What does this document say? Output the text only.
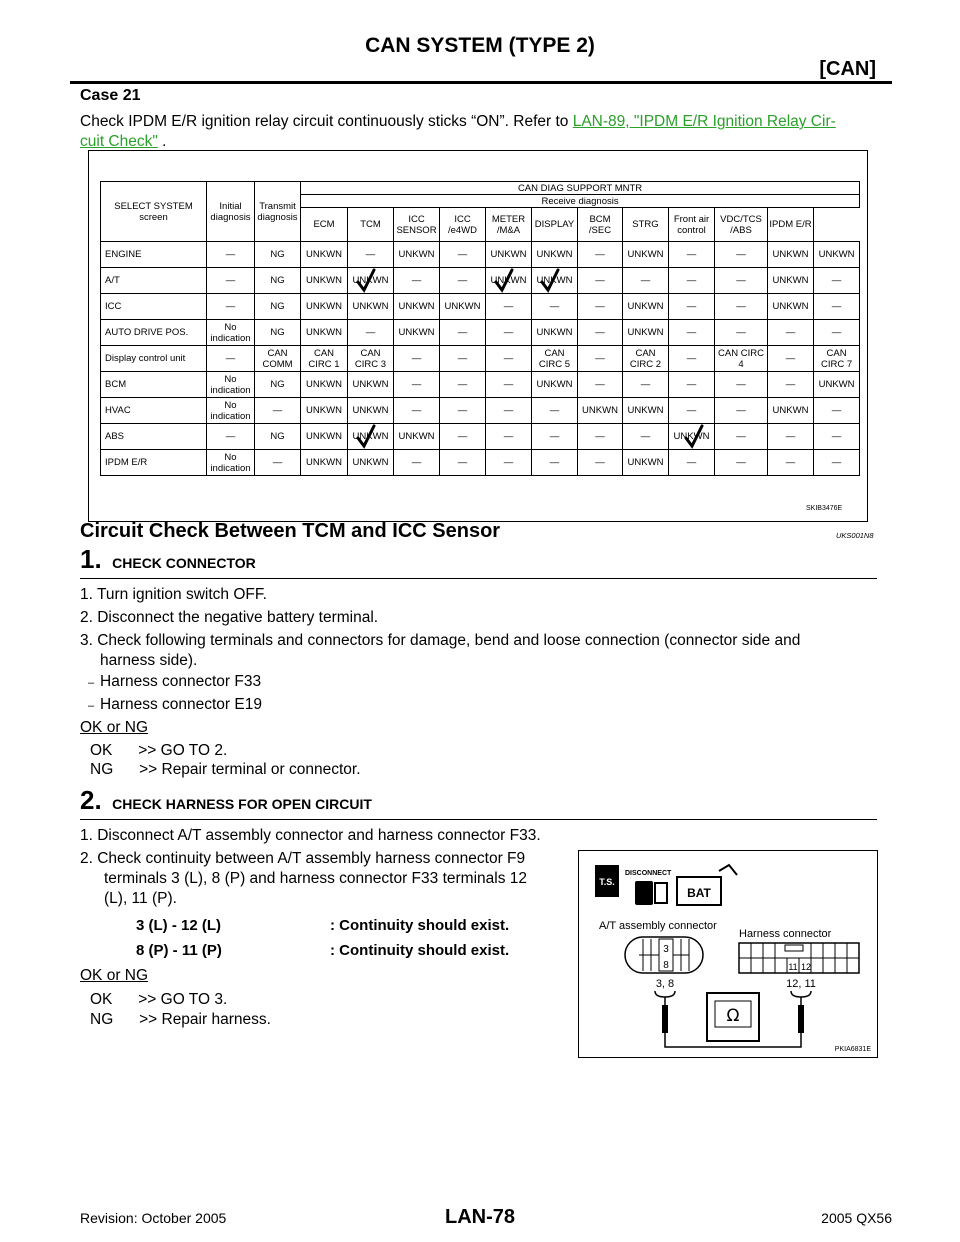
CAN SYSTEM (TYPE 2)
[CAN]
Case 21
Check IPDM E/R ignition relay circuit continuously sticks “ON”. Refer to LAN-89, "IPDM E/R Ignition Relay Cir-
cuit Check" .
SELECT SYSTEM screen	Initial diagnosis	Transmit diagnosis	CAN DIAG SUPPORT MNTR											
			Receive diagnosis											
			ECM	TCM	ICC SENSOR	ICC /e4WD	METER /M&A	DISPLAY	BCM /SEC	STRG	Front air control	VDC/TCS /ABS	IPDM E/R	
ENGINE	—	NG	UNKWN	—	UNKWN	—	UNKWN	UNKWN	—	UNKWN	—	—	UNKWN	UNKWN
A/T	—	NG	UNKWN	UNKWN	—	—	UNKWN	UNKWN	—	—	—	—	UNKWN	—
ICC	—	NG	UNKWN	UNKWN	UNKWN	UNKWN	—	—	—	UNKWN	—	—	UNKWN	—
AUTO DRIVE POS.	No indication	NG	UNKWN	—	UNKWN	—	—	UNKWN	—	UNKWN	—	—	—	—
Display control unit	—	CAN COMM	CAN CIRC 1	CAN CIRC 3	—	—	—	CAN CIRC 5	—	CAN CIRC 2	—	CAN CIRC 4	—	CAN CIRC 7
BCM	No indication	NG	UNKWN	UNKWN	—	—	—	UNKWN	—	—	—	—	—	UNKWN
HVAC	No indication	—	UNKWN	UNKWN	—	—	—	—	UNKWN	UNKWN	—	—	UNKWN	—
ABS	—	NG	UNKWN	UNKWN	UNKWN	—	—	—	—	—	UNKWN	—	—	—
IPDM E/R	No indication	—	UNKWN	UNKWN	—	—	—	—	—	UNKWN	—	—	—	—
SKIB3476E
Circuit Check Between TCM and ICC Sensor	UKS001N8
1. CHECK CONNECTOR
1. Turn ignition switch OFF.
2. Disconnect the negative battery terminal.
3. Check following terminals and connectors for damage, bend and loose connection (connector side and
harness side).
– Harness connector F33
– Harness connector E19
OK or NG
OK      >> GO TO 2.
NG      >> Repair terminal or connector.
2. CHECK HARNESS FOR OPEN CIRCUIT
1. Disconnect A/T assembly connector and harness connector F33.
2. Check continuity between A/T assembly harness connector F9
terminals 3 (L), 8 (P) and harness connector F33 terminals 12
(L), 11 (P).
3 (L) - 12 (L)	: Continuity should exist.
8 (P) - 11 (P)	: Continuity should exist.
OK or NG
OK      >> GO TO 3.
NG      >> Repair harness.
T.S.
DISCONNECT
BAT
A/T assembly connector
Harness connector
3
8	11 12
3, 8	12, 11
Ω
PKIA6831E
Revision: October 2005	LAN-78	2005 QX56
